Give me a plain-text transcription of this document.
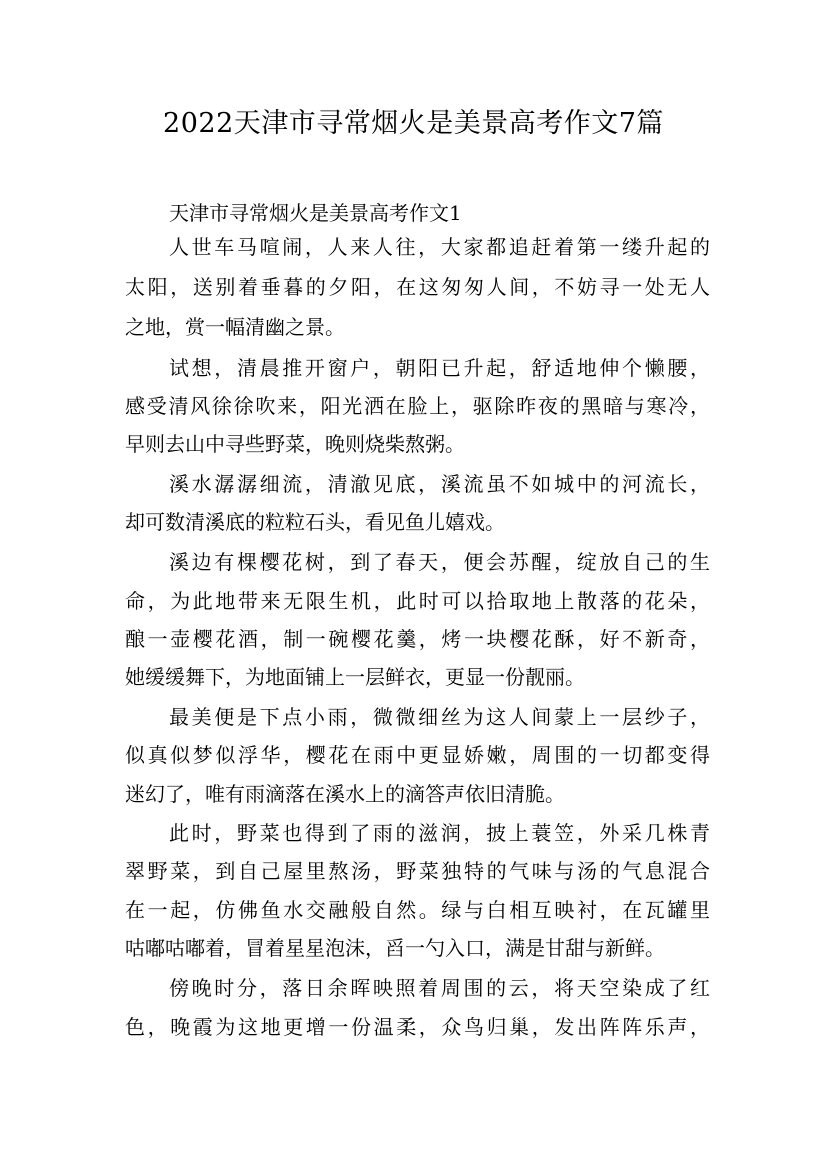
2022天津市寻常烟火是美景高考作文7篇
天津市寻常烟火是美景高考作文1
人世车马喧闹，人来人往，大家都追赶着第一缕升起的
太阳，送别着垂暮的夕阳，在这匆匆人间，不妨寻一处无人
之地，赏一幅清幽之景。
试想，清晨推开窗户，朝阳已升起，舒适地伸个懒腰，
感受清风徐徐吹来，阳光洒在脸上，驱除昨夜的黑暗与寒冷，
早则去山中寻些野菜，晚则烧柴熬粥。
溪水潺潺细流，清澈见底，溪流虽不如城中的河流长，
却可数清溪底的粒粒石头，看见鱼儿嬉戏。
溪边有棵樱花树，到了春天，便会苏醒，绽放自己的生
命，为此地带来无限生机，此时可以拾取地上散落的花朵，
酿一壶樱花酒，制一碗樱花羹，烤一块樱花酥，好不新奇，
她缓缓舞下，为地面铺上一层鲜衣，更显一份靓丽。
最美便是下点小雨，微微细丝为这人间蒙上一层纱子，
似真似梦似浮华，樱花在雨中更显娇嫩，周围的一切都变得
迷幻了，唯有雨滴落在溪水上的滴答声依旧清脆。
此时，野菜也得到了雨的滋润，披上蓑笠，外采几株青
翠野菜，到自己屋里熬汤，野菜独特的气味与汤的气息混合
在一起，仿佛鱼水交融般自然。绿与白相互映衬，在瓦罐里
咕嘟咕嘟着，冒着星星泡沫，舀一勺入口，满是甘甜与新鲜。
傍晚时分，落日余晖映照着周围的云，将天空染成了红
色，晚霞为这地更增一份温柔，众鸟归巢，发出阵阵乐声，
